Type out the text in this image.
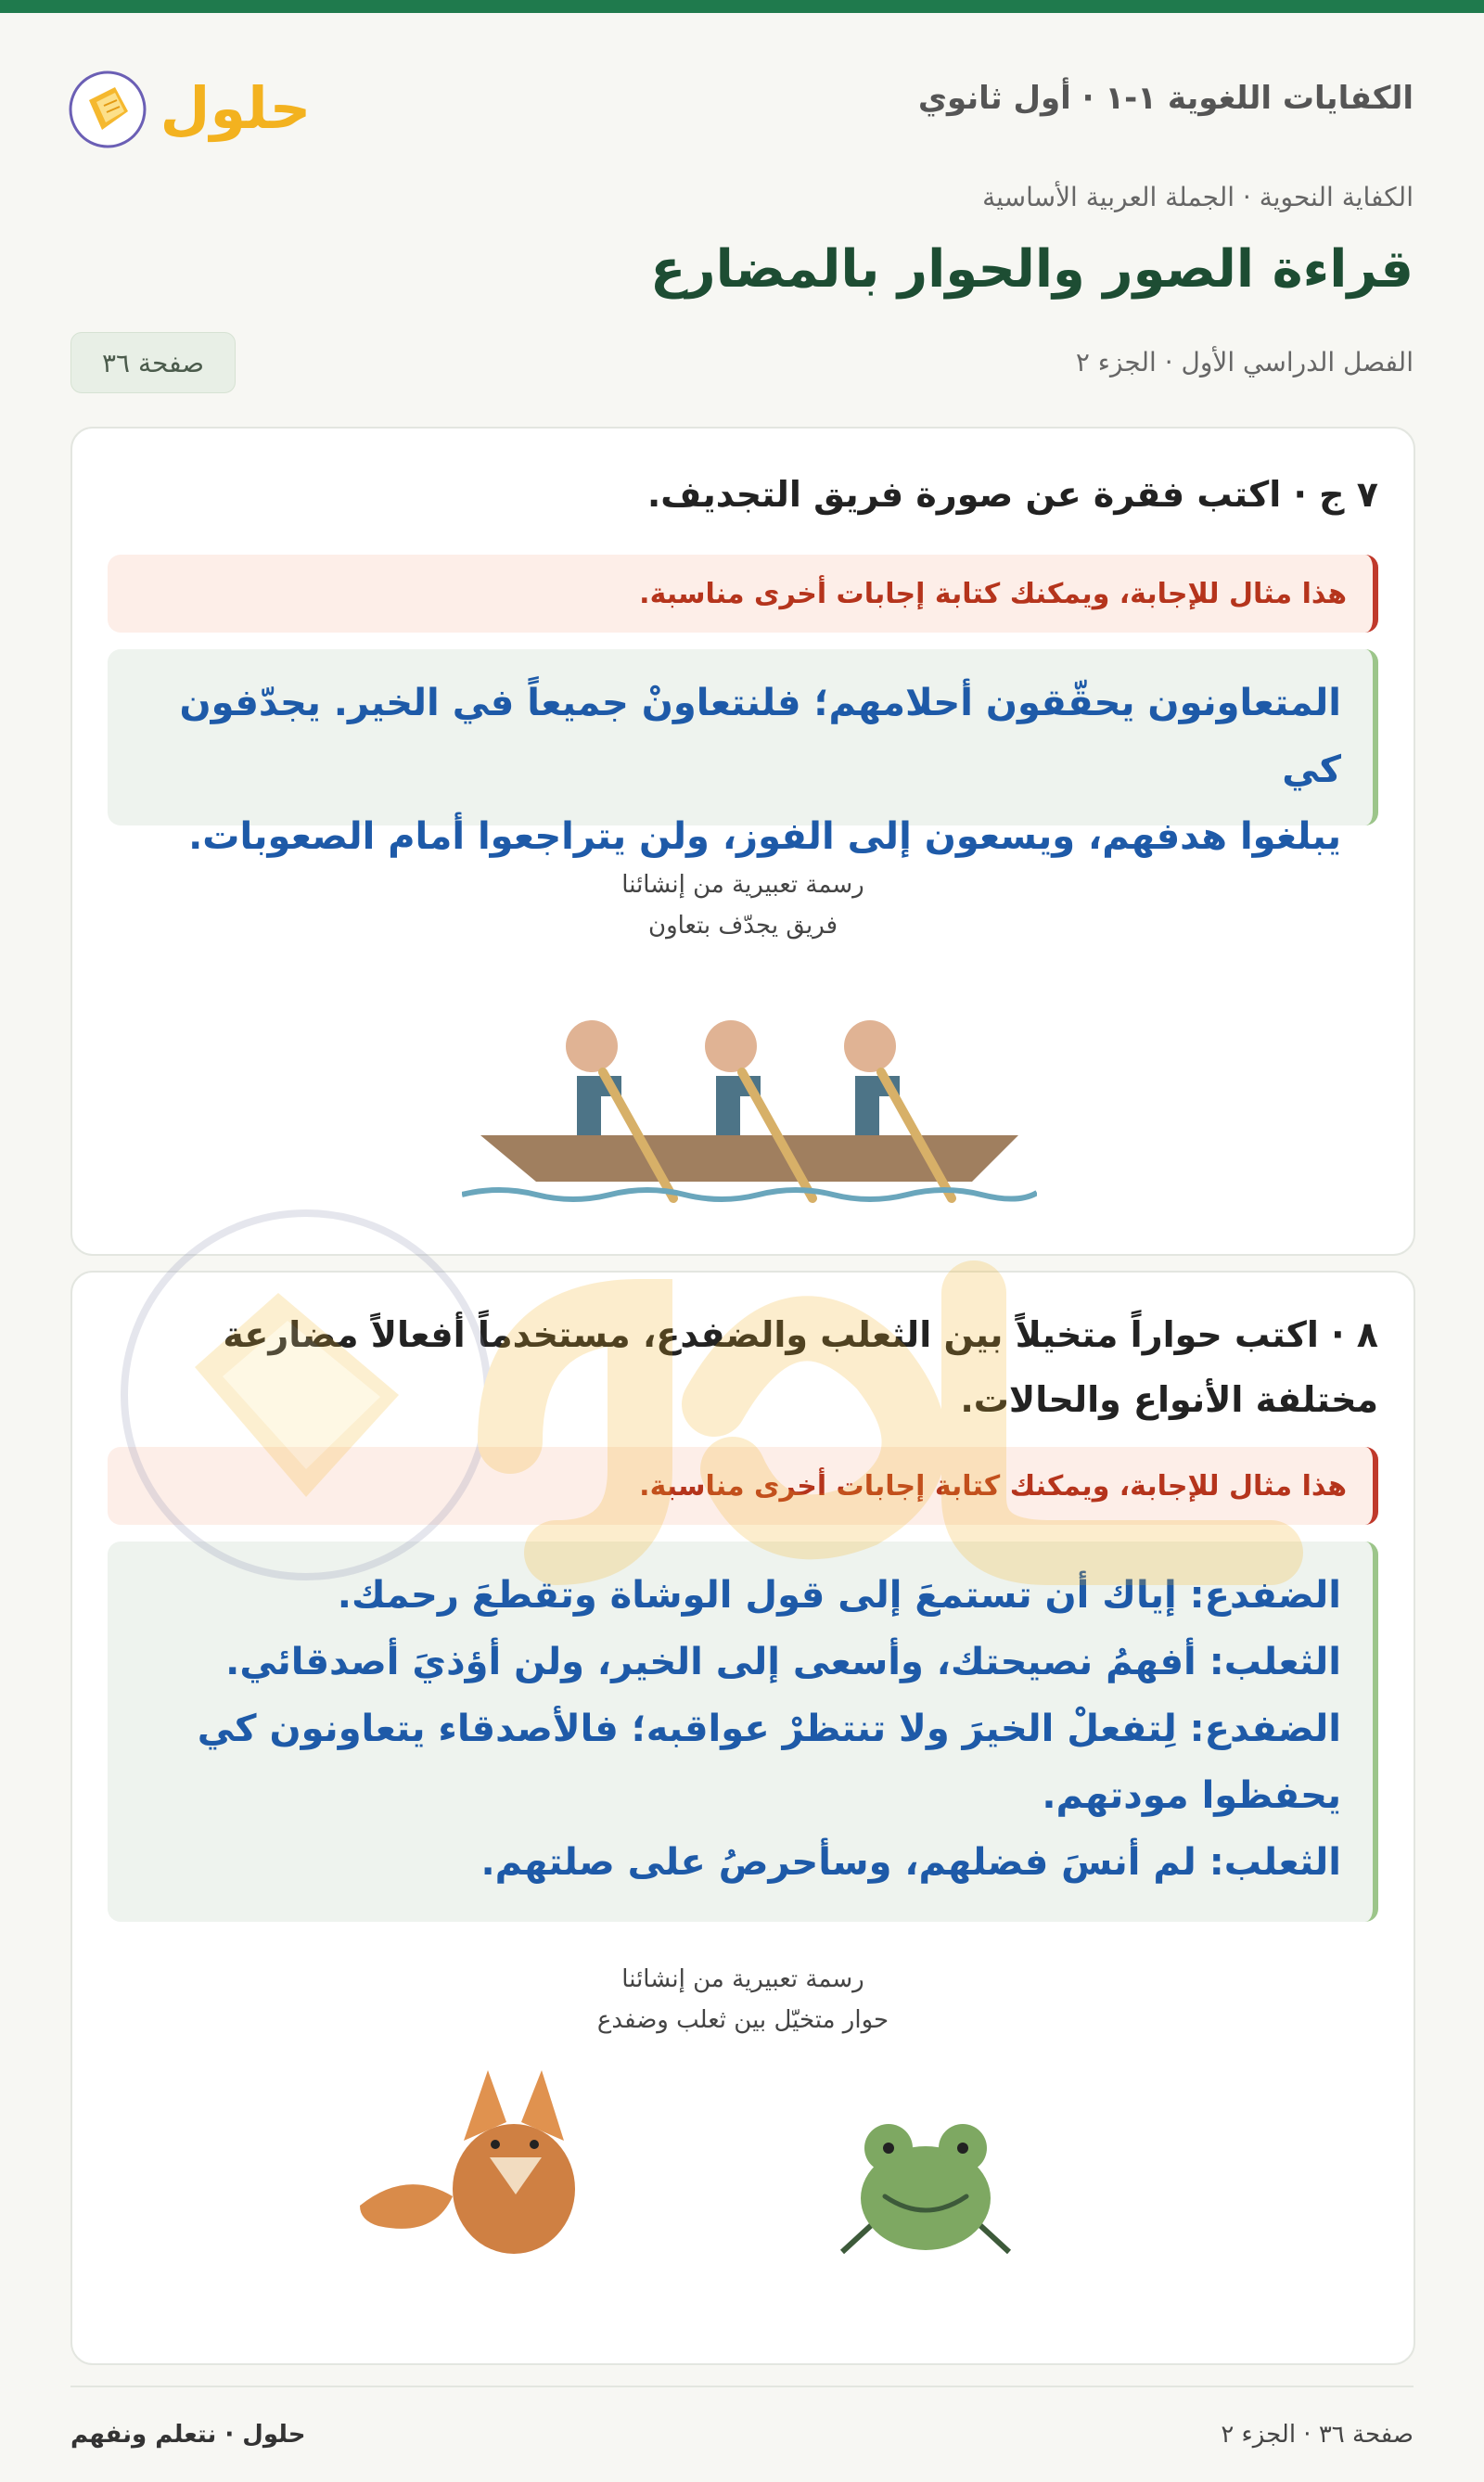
الكفايات اللغوية ١-١ · أول ثانوي
حلول
الكفاية النحوية · الجملة العربية الأساسية
قراءة الصور والحوار بالمضارع
الفصل الدراسي الأول · الجزء ٢
صفحة ٣٦
٧ ج · اكتب فقرة عن صورة فريق التجديف.
هذا مثال للإجابة، ويمكنك كتابة إجابات أخرى مناسبة.
المتعاونون يحقّقون أحلامهم؛ فلنتعاونْ جميعاً في الخير. يجدّفون كي
يبلغوا هدفهم، ويسعون إلى الفوز، ولن يتراجعوا أمام الصعوبات.
رسمة تعبيرية من إنشائنا
فريق يجدّف بتعاون
٨ · اكتب حواراً متخيلاً بين الثعلب والضفدع، مستخدماً أفعالاً مضارعة
مختلفة الأنواع والحالات.
هذا مثال للإجابة، ويمكنك كتابة إجابات أخرى مناسبة.
الضفدع: إياك أن تستمعَ إلى قول الوشاة وتقطعَ رحمك.
الثعلب: أفهمُ نصيحتك، وأسعى إلى الخير، ولن أؤذيَ أصدقائي.
الضفدع: لِتفعلْ الخيرَ ولا تنتظرْ عواقبه؛ فالأصدقاء يتعاونون كي
يحفظوا مودتهم.
الثعلب: لم أنسَ فضلهم، وسأحرصُ على صلتهم.
رسمة تعبيرية من إنشائنا
حوار متخيّل بين ثعلب وضفدع
صفحة ٣٦ · الجزء ٢
حلول · نتعلم ونفهم
